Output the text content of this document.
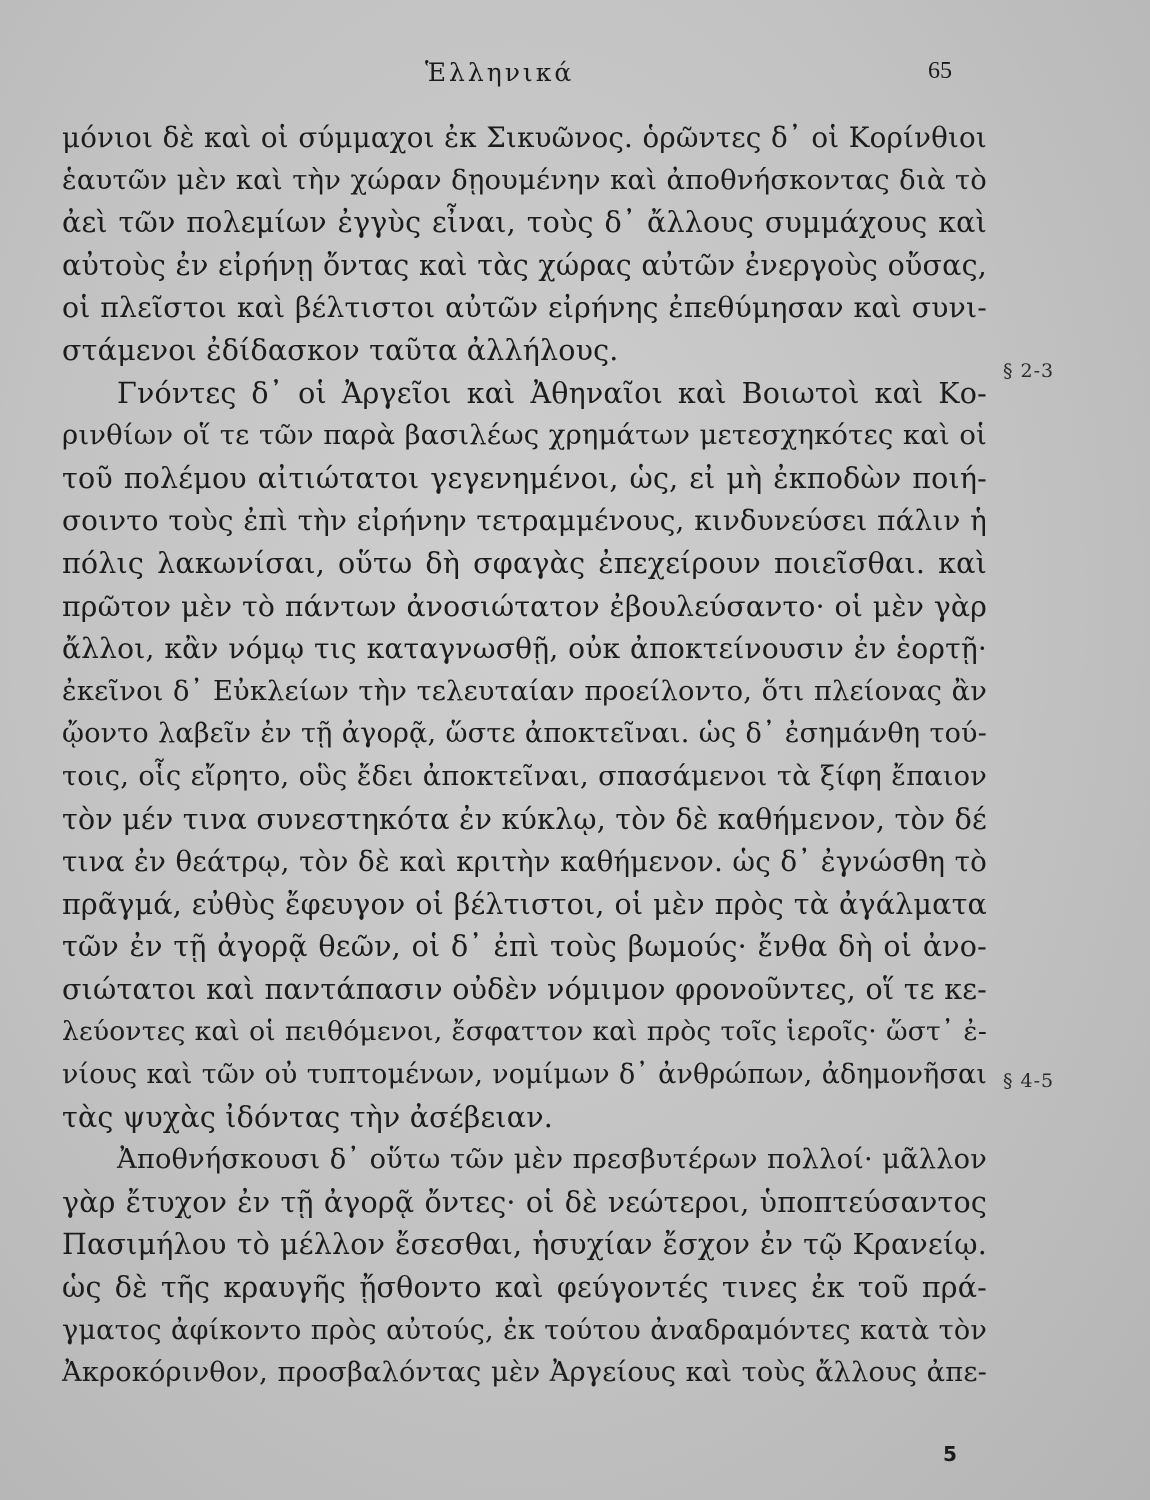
Ἑλληνικά	65
μόνιοι δὲ καὶ οἱ σύμμαχοι ἐκ Σικυῶνος. ὁρῶντες δ᾽ οἱ Κορίνθιοι
ἑαυτῶν μὲν καὶ τὴν χώραν δῃουμένην καὶ ἀποθνήσκοντας διὰ τὸ
ἀεὶ τῶν πολεμίων ἐγγὺς εἶναι, τοὺς δ᾽ ἄλλους συμμάχους καὶ
αὐτοὺς ἐν εἰρήνῃ ὄντας καὶ τὰς χώρας αὐτῶν ἐνεργοὺς οὔσας,
οἱ πλεῖστοι καὶ βέλτιστοι αὐτῶν εἰρήνης ἐπεθύμησαν καὶ συνι-
στάμενοι ἐδίδασκον ταῦτα ἀλλήλους.
Γνόντες δ᾽ οἱ Ἀργεῖοι καὶ Ἀθηναῖοι καὶ Βοιωτοὶ καὶ Κο-
ρινθίων οἵ τε τῶν παρὰ βασιλέως χρημάτων μετεσχηκότες καὶ οἱ
τοῦ πολέμου αἰτιώτατοι γεγενημένοι, ὡς, εἰ μὴ ἐκποδὼν ποιή-
σοιντο τοὺς ἐπὶ τὴν εἰρήνην τετραμμένους, κινδυνεύσει πάλιν ἡ
πόλις λακωνίσαι, οὕτω δὴ σφαγὰς ἐπεχείρουν ποιεῖσθαι. καὶ
πρῶτον μὲν τὸ πάντων ἀνοσιώτατον ἐβουλεύσαντο· οἱ μὲν γὰρ
ἄλλοι, κἂν νόμῳ τις καταγνωσθῇ, οὐκ ἀποκτείνουσιν ἐν ἑορτῇ·
ἐκεῖνοι δ᾽ Εὐκλείων τὴν τελευταίαν προείλοντο, ὅτι πλείονας ἂν
ᾤοντο λαβεῖν ἐν τῇ ἀγορᾷ, ὥστε ἀποκτεῖναι. ὡς δ᾽ ἐσημάνθη τού-
τοις, οἷς εἴρητο, οὓς ἔδει ἀποκτεῖναι, σπασάμενοι τὰ ξίφη ἔπαιον
τὸν μέν τινα συνεστηκότα ἐν κύκλῳ, τὸν δὲ καθήμενον, τὸν δέ
τινα ἐν θεάτρῳ, τὸν δὲ καὶ κριτὴν καθήμενον. ὡς δ᾽ ἐγνώσθη τὸ
πρᾶγμά, εὐθὺς ἔφευγον οἱ βέλτιστοι, οἱ μὲν πρὸς τὰ ἀγάλματα
τῶν ἐν τῇ ἀγορᾷ θεῶν, οἱ δ᾽ ἐπὶ τοὺς βωμούς· ἔνθα δὴ οἱ ἀνο-
σιώτατοι καὶ παντάπασιν οὐδὲν νόμιμον φρονοῦντες, οἵ τε κε-
λεύοντες καὶ οἱ πειθόμενοι, ἔσφαττον καὶ πρὸς τοῖς ἱεροῖς· ὥστ᾽ ἐ-
νίους καὶ τῶν οὐ τυπτομένων, νομίμων δ᾽ ἀνθρώπων, ἀδημονῆσαι
τὰς ψυχὰς ἰδόντας τὴν ἀσέβειαν.
Ἀποθνήσκουσι δ᾽ οὕτω τῶν μὲν πρεσβυτέρων πολλοί· μᾶλλον
γὰρ ἔτυχον ἐν τῇ ἀγορᾷ ὄντες· οἱ δὲ νεώτεροι, ὑποπτεύσαντος
Πασιμήλου τὸ μέλλον ἔσεσθαι, ἡσυχίαν ἔσχον ἐν τῷ Κρανείῳ.
ὡς δὲ τῆς κραυγῆς ᾔσθοντο καὶ φεύγοντές τινες ἐκ τοῦ πρά-
γματος ἀφίκοντο πρὸς αὐτούς, ἐκ τούτου ἀναδραμόντες κατὰ τὸν
Ἀκροκόρινθον, προσβαλόντας μὲν Ἀργείους καὶ τοὺς ἄλλους ἀπε-
§ 2-3
§ 4-5
5
